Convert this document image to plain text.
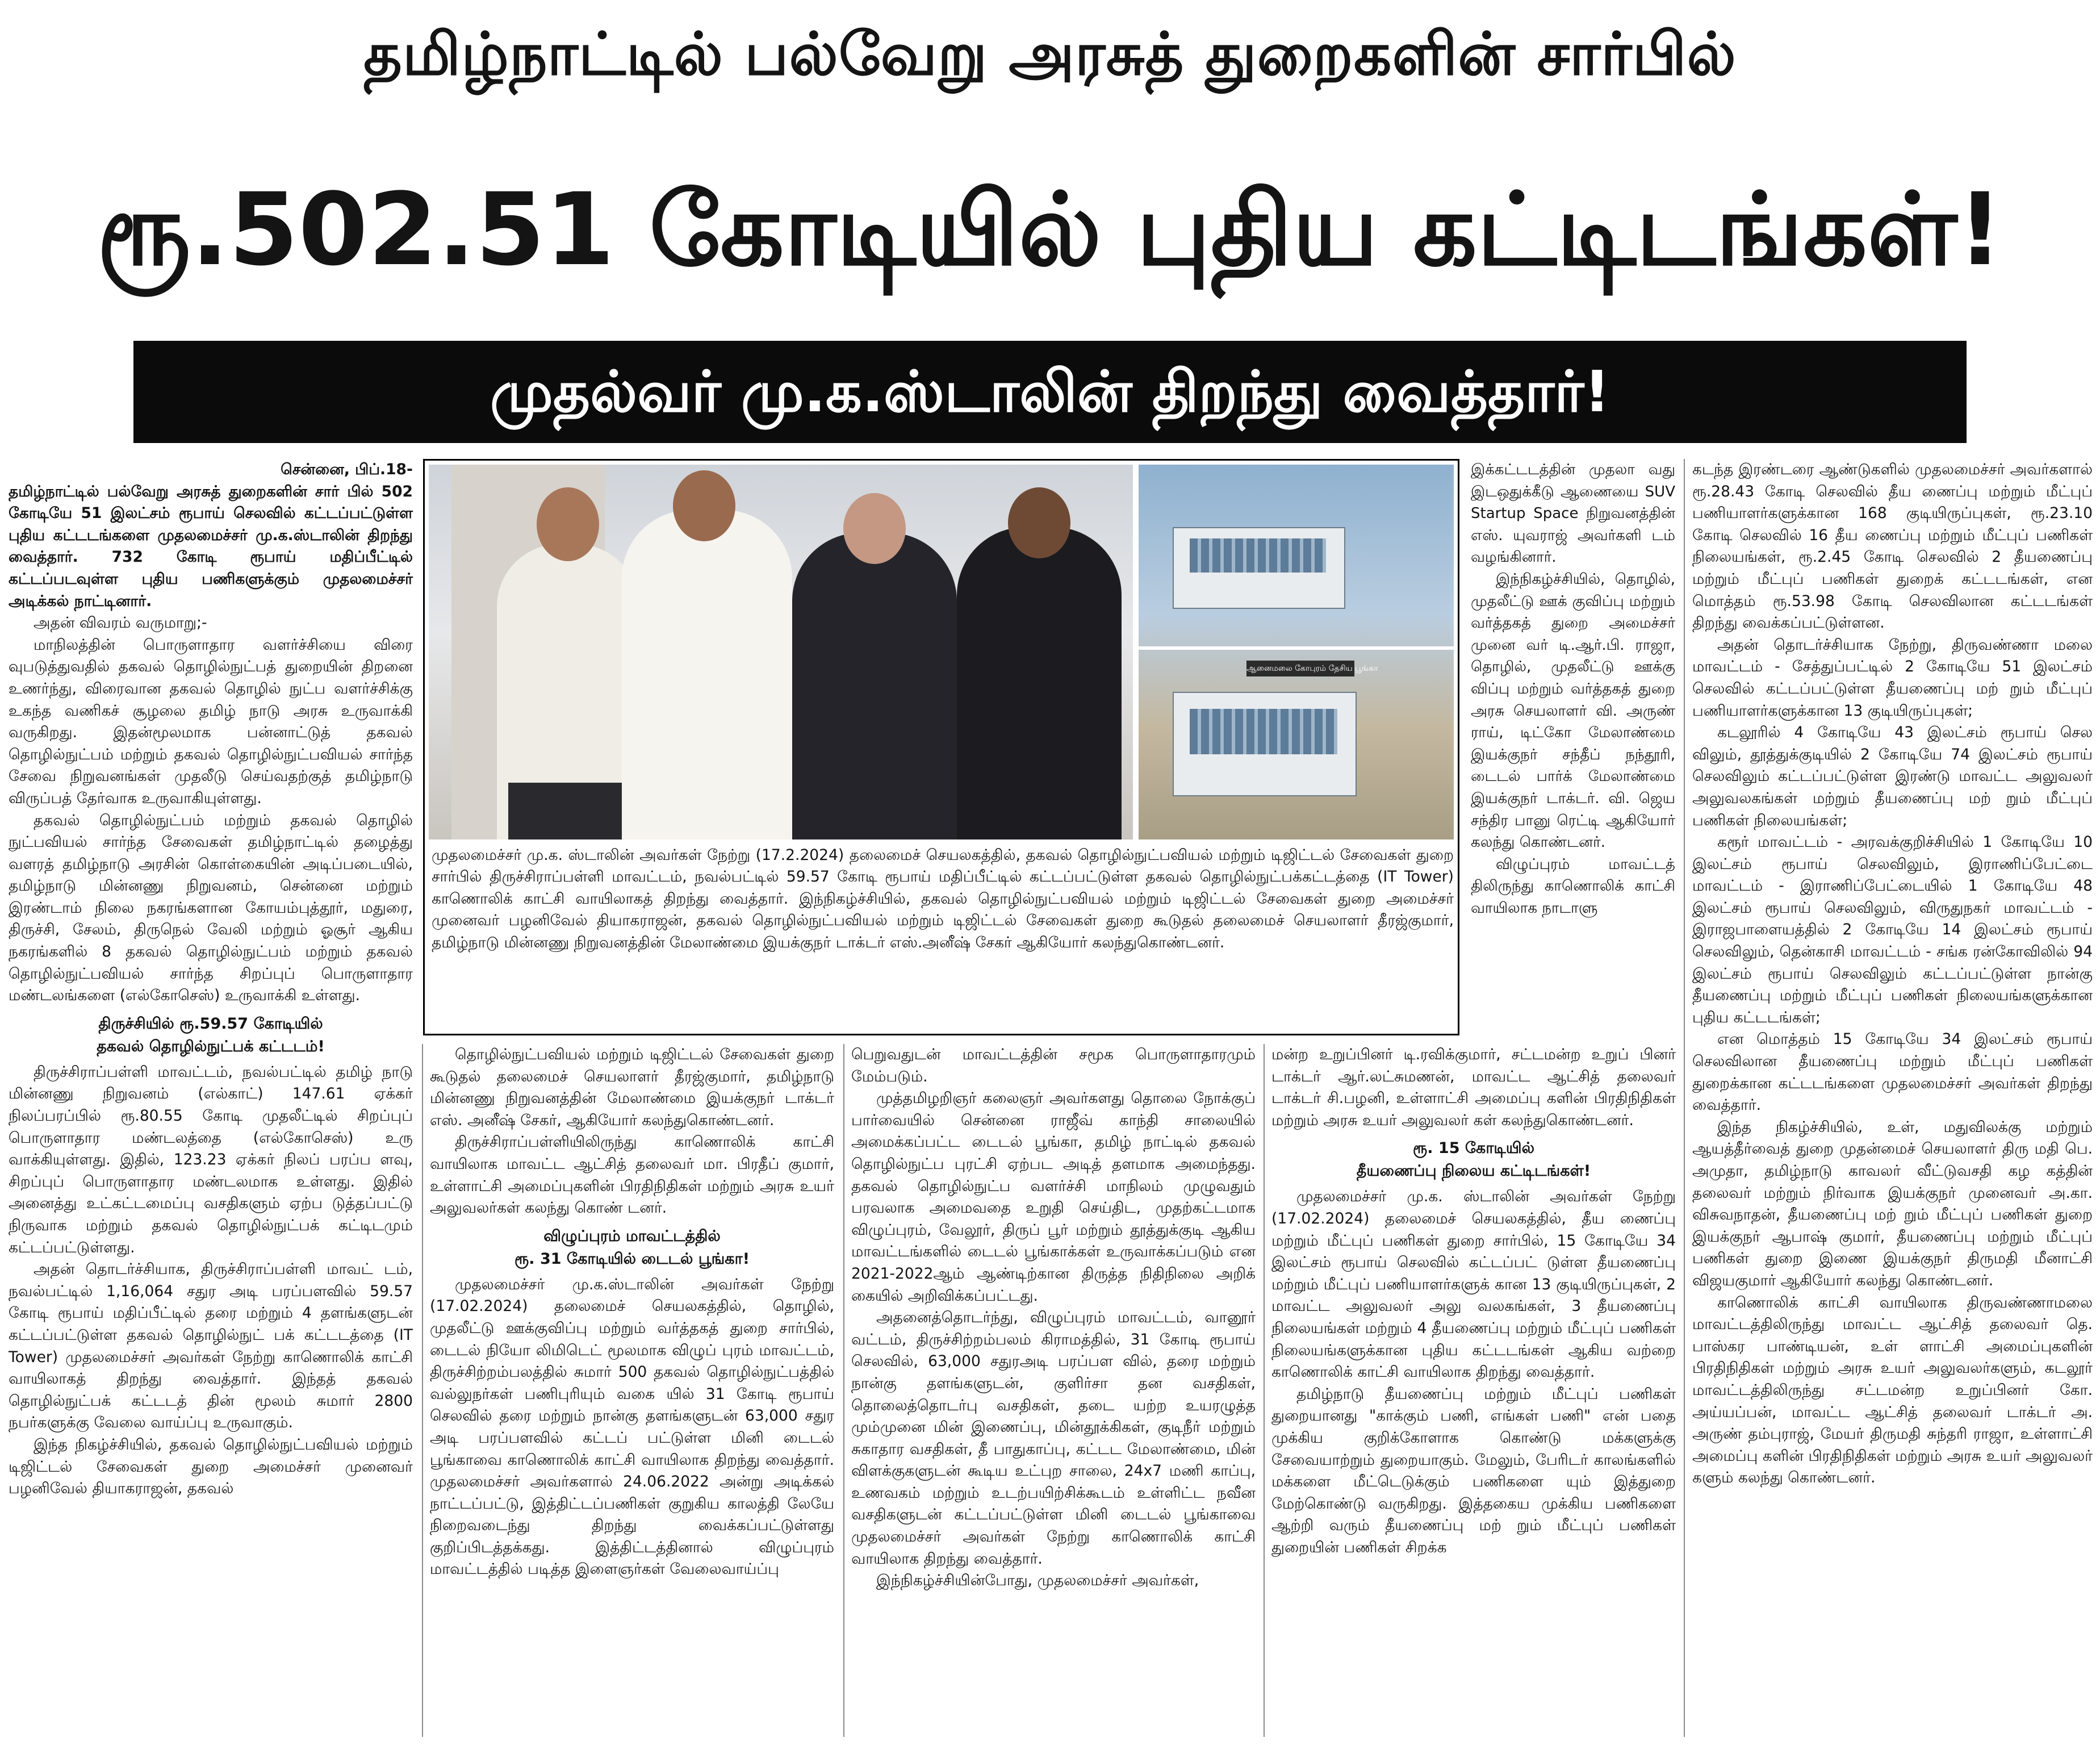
தமிழ்நாட்டில் பல்வேறு அரசுத் துறைகளின் சார்பில்
ரூ.502.51 கோடியில் புதிய கட்டிடங்கள்!
முதல்வர் மு.க.ஸ்டாலின் திறந்து வைத்தார்!
சென்னை, பிப்.18-

தமிழ்நாட்டில் பல்வேறு அரசுத் துறைகளின் சார் பில் 502 கோடியே 51 இலட்சம் ரூபாய் செலவில் கட்டப்பட்டுள்ள புதிய கட்டடங்களை முதலமைச்சர் மு.க.ஸ்டாலின் திறந்து வைத்தார். 732 கோடி ரூபாய் மதிப்பீட்டில் கட்டப்படவுள்ள புதிய பணிகளுக்கும் முதலமைச்சர் அடிக்கல் நாட்டினார்.

அதன் விவரம் வருமாறு;-

மாநிலத்தின் பொருளாதார வளர்ச்சியை விரை வுபடுத்துவதில் தகவல் தொழில்நுட்பத் துறையின் திறனை உணர்ந்து, விரைவான தகவல் தொழில் நுட்ப வளர்ச்சிக்கு உகந்த வணிகச் சூழலை தமிழ் நாடு அரசு உருவாக்கி வருகிறது. இதன்மூலமாக பன்னாட்டுத் தகவல் தொழில்நுட்பம் மற்றும் தகவல் தொழில்நுட்பவியல் சார்ந்த சேவை நிறுவனங்கள் முதலீடு செய்வதற்குத் தமிழ்நாடு விருப்பத் தேர்வாக உருவாகியுள்ளது.

தகவல் தொழில்நுட்பம் மற்றும் தகவல் தொழில் நுட்பவியல் சார்ந்த சேவைகள் தமிழ்நாட்டில் தழைத்து வளரத் தமிழ்நாடு அரசின் கொள்கையின் அடிப்படையில், தமிழ்நாடு மின்னணு நிறுவனம், சென்னை மற்றும் இரண்டாம் நிலை நகரங்களான கோயம்புத்தூர், மதுரை, திருச்சி, சேலம், திருநெல் வேலி மற்றும் ஓசூர் ஆகிய நகரங்களில் 8 தகவல் தொழில்நுட்பம் மற்றும் தகவல் தொழில்நுட்பவியல் சார்ந்த சிறப்புப் பொருளாதார மண்டலங்களை (எல்கோசெஸ்) உருவாக்கி உள்ளது.

திருச்சியில் ரூ.59.57 கோடியில்
தகவல் தொழில்நுட்பக் கட்டடம்!

திருச்சிராப்பள்ளி மாவட்டம், நவல்பட்டில் தமிழ் நாடு மின்னணு நிறுவனம் (எல்காட்) 147.61 ஏக்கர் நிலப்பரப்பில் ரூ.80.55 கோடி முதலீட்டில் சிறப்புப் பொருளாதார மண்டலத்தை (எல்கோசெஸ்) உரு வாக்கியுள்ளது. இதில், 123.23 ஏக்கர் நிலப் பரப்ப ளவு, சிறப்புப் பொருளாதார மண்டலமாக உள்ளது. இதில் அனைத்து உட்கட்டமைப்பு வசதிகளும் ஏற்ப டுத்தப்பட்டு நிருவாக மற்றும் தகவல் தொழில்நுட்பக் கட்டிடமும் கட்டப்பட்டுள்ளது.

அதன் தொடர்ச்சியாக, திருச்சிராப்பள்ளி மாவட் டம், நவல்பட்டில் 1,16,064 சதுர அடி பரப்பளவில் 59.57 கோடி ரூபாய் மதிப்பீட்டில் தரை மற்றும் 4 தளங்களுடன் கட்டப்பட்டுள்ள தகவல் தொழில்நுட் பக் கட்டடத்தை (IT Tower) முதலமைச்சர் அவர்கள் நேற்று காணொலிக் காட்சி வாயிலாகத் திறந்து வைத்தார். இந்தத் தகவல் தொழில்நுட்பக் கட்டடத் தின் மூலம் சுமார் 2800 நபர்களுக்கு வேலை வாய்ப்பு உருவாகும்.

இந்த நிகழ்ச்சியில், தகவல் தொழில்நுட்பவியல் மற்றும் டிஜிட்டல் சேவைகள் துறை அமைச்சர் முனைவர் பழனிவேல் தியாகராஜன், தகவல்

ஆனைமலை கோபுரம் தேசிய பூங்கா

முதலமைச்சர் மு.க. ஸ்டாலின் அவர்கள் நேற்று (17.2.2024) தலைமைச் செயலகத்தில், தகவல் தொழில்நுட்பவியல் மற்றும் டிஜிட்டல் சேவைகள் துறை சார்பில் திருச்சிராப்பள்ளி மாவட்டம், நவல்பட்டில் 59.57 கோடி ரூபாய் மதிப்பீட்டில் கட்டப்பட்டுள்ள தகவல் தொழில்நுட்பக்கட்டத்தை (IT Tower) காணொலிக் காட்சி வாயிலாகத் திறந்து வைத்தார். இந்நிகழ்ச்சியில், தகவல் தொழில்நுட்பவியல் மற்றும் டிஜிட்டல் சேவைகள் துறை அமைச்சர் முனைவர் பழனிவேல் தியாகராஜன், தகவல் தொழில்நுட்பவியல் மற்றும் டிஜிட்டல் சேவைகள் துறை கூடுதல் தலைமைச் செயலாளர் தீரஜ்குமார், தமிழ்நாடு மின்னணு நிறுவனத்தின் மேலாண்மை இயக்குநர் டாக்டர் எஸ்.அனீஷ் சேகர் ஆகியோர் கலந்துகொண்டனர்.

தொழில்நுட்பவியல் மற்றும் டிஜிட்டல் சேவைகள் துறை கூடுதல் தலைமைச் செயலாளர் தீரஜ்குமார், தமிழ்நாடு மின்னணு நிறுவனத்தின் மேலாண்மை இயக்குநர் டாக்டர் எஸ். அனீஷ் சேகர், ஆகியோர் கலந்துகொண்டனர்.

திருச்சிராப்பள்ளியிலிருந்து காணொலிக் காட்சி வாயிலாக மாவட்ட ஆட்சித் தலைவர் மா. பிரதீப் குமார், உள்ளாட்சி அமைப்புகளின் பிரதிநிதிகள் மற்றும் அரசு உயர் அலுவலர்கள் கலந்து கொண் டனர்.

விழுப்புரம் மாவட்டத்தில்
ரூ. 31 கோடியில் டைடல் பூங்கா!

முதலமைச்சர் மு.க.ஸ்டாலின் அவர்கள் நேற்று (17.02.2024) தலைமைச் செயலகத்தில், தொழில், முதலீட்டு ஊக்குவிப்பு மற்றும் வர்த்தகத் துறை சார்பில், டைடல் நியோ லிமிடெட் மூலமாக விழுப் புரம் மாவட்டம், திருச்சிற்றம்பலத்தில் சுமார் 500 தகவல் தொழில்நுட்பத்தில் வல்லுநர்கள் பணிபுரியும் வகை யில் 31 கோடி ரூபாய் செலவில் தரை மற்றும் நான்கு தளங்களுடன் 63,000 சதுர அடி பரப்பளவில் கட்டப் பட்டுள்ள மினி டைடல் பூங்காவை காணொலிக் காட்சி வாயிலாக திறந்து வைத்தார். முதலமைச்சர் அவர்களால் 24.06.2022 அன்று அடிக்கல் நாட்டப்பட்டு, இத்திட்டப்பணிகள் குறுகிய காலத்தி லேயே நிறைவடைந்து திறந்து வைக்கப்பட்டுள்ளது குறிப்பிடத்தக்கது. இத்திட்டத்தினால் விழுப்புரம் மாவட்டத்தில் படித்த இளைஞர்கள் வேலைவாய்ப்பு

பெறுவதுடன் மாவட்டத்தின் சமூக பொருளாதாரமும் மேம்படும்.

முத்தமிழறிஞர் கலைஞர் அவர்களது தொலை நோக்குப் பார்வையில் சென்னை ராஜீவ் காந்தி சாலையில் அமைக்கப்பட்ட டைடல் பூங்கா, தமிழ் நாட்டில் தகவல் தொழில்நுட்ப புரட்சி ஏற்பட அடித் தளமாக அமைந்தது. தகவல் தொழில்நுட்ப வளர்ச்சி மாநிலம் முழுவதும் பரவலாக அமைவதை உறுதி செய்திட, முதற்கட்டமாக விழுப்புரம், வேலூர், திருப் பூர் மற்றும் தூத்துக்குடி ஆகிய மாவட்டங்களில் டைடல் பூங்காக்கள் உருவாக்கப்படும் என 2021-2022ஆம் ஆண்டிற்கான திருத்த நிதிநிலை அறிக் கையில் அறிவிக்கப்பட்டது.

அதனைத்தொடர்ந்து, விழுப்புரம் மாவட்டம், வானூர் வட்டம், திருச்சிற்றம்பலம் கிராமத்தில், 31 கோடி ரூபாய் செலவில், 63,000 சதுரஅடி பரப்பள வில், தரை மற்றும் நான்கு தளங்களுடன், குளிர்சா தன வசதிகள், தொலைத்தொடர்பு வசதிகள், தடை யற்ற உயரழுத்த மும்முனை மின் இணைப்பு, மின்தூக்கிகள், குடிநீர் மற்றும் சுகாதார வசதிகள், தீ பாதுகாப்பு, கட்டட மேலாண்மை, மின் விளக்குகளுடன் கூடிய உட்புற சாலை, 24x7 மணி காப்பு, உணவகம் மற்றும் உடற்பயிற்சிக்கூடம் உள்ளிட்ட நவீன வசதிகளுடன் கட்டப்பட்டுள்ள மினி டைடல் பூங்காவை முதலமைச்சர் அவர்கள் நேற்று காணொலிக் காட்சி வாயிலாக திறந்து வைத்தார்.

இந்நிகழ்ச்சியின்போது, முதலமைச்சர் அவர்கள்,

இக்கட்டடத்தின் முதலா வது இடஒதுக்கீடு ஆணையை SUV Startup Space நிறுவனத்தின் எஸ். யுவராஜ் அவர்களி டம் வழங்கினார்.

இந்நிகழ்ச்சியில், தொழில், முதலீட்டு ஊக் குவிப்பு மற்றும் வர்த்தகத் துறை அமைச்சர் முனை வர் டி.ஆர்.பி. ராஜா, தொழில், முதலீட்டு ஊக்கு விப்பு மற்றும் வர்த்தகத் துறை அரசு செயலாளர் வி. அருண் ராய், டிட்கோ மேலாண்மை இயக்குநர் சந்தீப் நந்தூரி, டைடல் பார்க் மேலாண்மை இயக்குநர் டாக்டர். வி. ஜெய சந்திர பானு ரெட்டி ஆகியோர் கலந்து கொண்டனர்.

விழுப்புரம் மாவட்டத் திலிருந்து காணொலிக் காட்சி வாயிலாக நாடாளு

மன்ற உறுப்பினர் டி.ரவிக்குமார், சட்டமன்ற உறுப் பினர் டாக்டர் ஆர்.லட்சுமணன், மாவட்ட ஆட்சித் தலைவர் டாக்டர் சி.பழனி, உள்ளாட்சி அமைப்பு களின் பிரதிநிதிகள் மற்றும் அரசு உயர் அலுவலர் கள் கலந்துகொண்டனர்.

ரூ. 15 கோடியில்
தீயணைப்பு நிலைய கட்டிடங்கள்!

முதலமைச்சர் மு.க. ஸ்டாலின் அவர்கள் நேற்று (17.02.2024) தலைமைச் செயலகத்தில், தீய ணைப்பு மற்றும் மீட்புப் பணிகள் துறை சார்பில், 15 கோடியே 34 இலட்சம் ரூபாய் செலவில் கட்டப்பட் டுள்ள தீயணைப்பு மற்றும் மீட்புப் பணியாளர்களுக் கான 13 குடியிருப்புகள், 2 மாவட்ட அலுவலர் அலு வலகங்கள், 3 தீயணைப்பு நிலையங்கள் மற்றும் 4 தீயணைப்பு மற்றும் மீட்புப் பணிகள் நிலையங்களுக்கான புதிய கட்டடங்கள் ஆகிய வற்றை காணொலிக் காட்சி வாயிலாக திறந்து வைத்தார்.

தமிழ்நாடு தீயணைப்பு மற்றும் மீட்புப் பணிகள் துறையானது "காக்கும் பணி, எங்கள் பணி" என் பதை முக்கிய குறிக்கோளாக கொண்டு மக்களுக்கு சேவையாற்றும் துறையாகும். மேலும், பேரிடர் காலங்களில் மக்களை மீட்டெடுக்கும் பணிகளை யும் இத்துறை மேற்கொண்டு வருகிறது. இத்தகைய முக்கிய பணிகளை ஆற்றி வரும் தீயணைப்பு மற் றும் மீட்புப் பணிகள் துறையின் பணிகள் சிறக்க

கடந்த இரண்டரை ஆண்டுகளில் முதலமைச்சர் அவர்களால் ரூ.28.43 கோடி செலவில் தீய ணைப்பு மற்றும் மீட்புப் பணியாளர்களுக்கான 168 குடியிருப்புகள், ரூ.23.10 கோடி செலவில் 16 தீய ணைப்பு மற்றும் மீட்புப் பணிகள் நிலையங்கள், ரூ.2.45 கோடி செலவில் 2 தீயணைப்பு மற்றும் மீட்புப் பணிகள் துறைக் கட்டடங்கள், என மொத்தம் ரூ.53.98 கோடி செலவிலான கட்டடங்கள் திறந்து வைக்கப்பட்டுள்ளன.

அதன் தொடர்ச்சியாக நேற்று, திருவண்ணா மலை மாவட்டம் - சேத்துப்பட்டில் 2 கோடியே 51 இலட்சம் செலவில் கட்டப்பட்டுள்ள தீயணைப்பு மற் றும் மீட்புப் பணியாளர்களுக்கான 13 குடியிருப்புகள்;

கடலூரில் 4 கோடியே 43 இலட்சம் ரூபாய் செல விலும், தூத்துக்குடியில் 2 கோடியே 74 இலட்சம் ரூபாய் செலவிலும் கட்டப்பட்டுள்ள இரண்டு மாவட்ட அலுவலர் அலுவலகங்கள் மற்றும் தீயணைப்பு மற் றும் மீட்புப் பணிகள் நிலையங்கள்;

கரூர் மாவட்டம் - அரவக்குறிச்சியில் 1 கோடியே 10 இலட்சம் ரூபாய் செலவிலும், இராணிப்பேட்டை மாவட்டம் - இராணிப்பேட்டையில் 1 கோடியே 48 இலட்சம் ரூபாய் செலவிலும், விருதுநகர் மாவட்டம் - இராஜபாளையத்தில் 2 கோடியே 14 இலட்சம் ரூபாய் செலவிலும், தென்காசி மாவட்டம் - சங்க ரன்கோவிலில் 94 இலட்சம் ரூபாய் செலவிலும் கட்டப்பட்டுள்ள நான்கு தீயணைப்பு மற்றும் மீட்புப் பணிகள் நிலையங்களுக்கான புதிய கட்டடங்கள்;

என மொத்தம் 15 கோடியே 34 இலட்சம் ரூபாய் செலவிலான தீயணைப்பு மற்றும் மீட்புப் பணிகள் துறைக்கான கட்டடங்களை முதலமைச்சர் அவர்கள் திறந்து வைத்தார்.

இந்த நிகழ்ச்சியில், உள், மதுவிலக்கு மற்றும் ஆயத்தீர்வைத் துறை முதன்மைச் செயலாளர் திரு மதி பெ. அமுதா, தமிழ்நாடு காவலர் வீட்டுவசதி கழ கத்தின் தலைவர் மற்றும் நிர்வாக இயக்குநர் முனைவர் அ.கா. விசுவநாதன், தீயணைப்பு மற் றும் மீட்புப் பணிகள் துறை இயக்குநர் ஆபாஷ் குமார், தீயணைப்பு மற்றும் மீட்புப் பணிகள் துறை இணை இயக்குநர் திருமதி மீனாட்சி விஜயகுமார் ஆகியோர் கலந்து கொண்டனர்.

காணொலிக் காட்சி வாயிலாக திருவண்ணாமலை மாவட்டத்திலிருந்து மாவட்ட ஆட்சித் தலைவர் தெ. பாஸ்கர பாண்டியன், உள் ளாட்சி அமைப்புகளின் பிரதிநிதிகள் மற்றும் அரசு உயர் அலுவலர்களும், கடலூர் மாவட்டத்திலிருந்து சட்டமன்ற உறுப்பினர் கோ. அய்யப்பன், மாவட்ட ஆட்சித் தலைவர் டாக்டர் அ. அருண் தம்புராஜ், மேயர் திருமதி சுந்தரி ராஜா, உள்ளாட்சி அமைப்பு களின் பிரதிநிதிகள் மற்றும் அரசு உயர் அலுவலர் களும் கலந்து கொண்டனர்.
